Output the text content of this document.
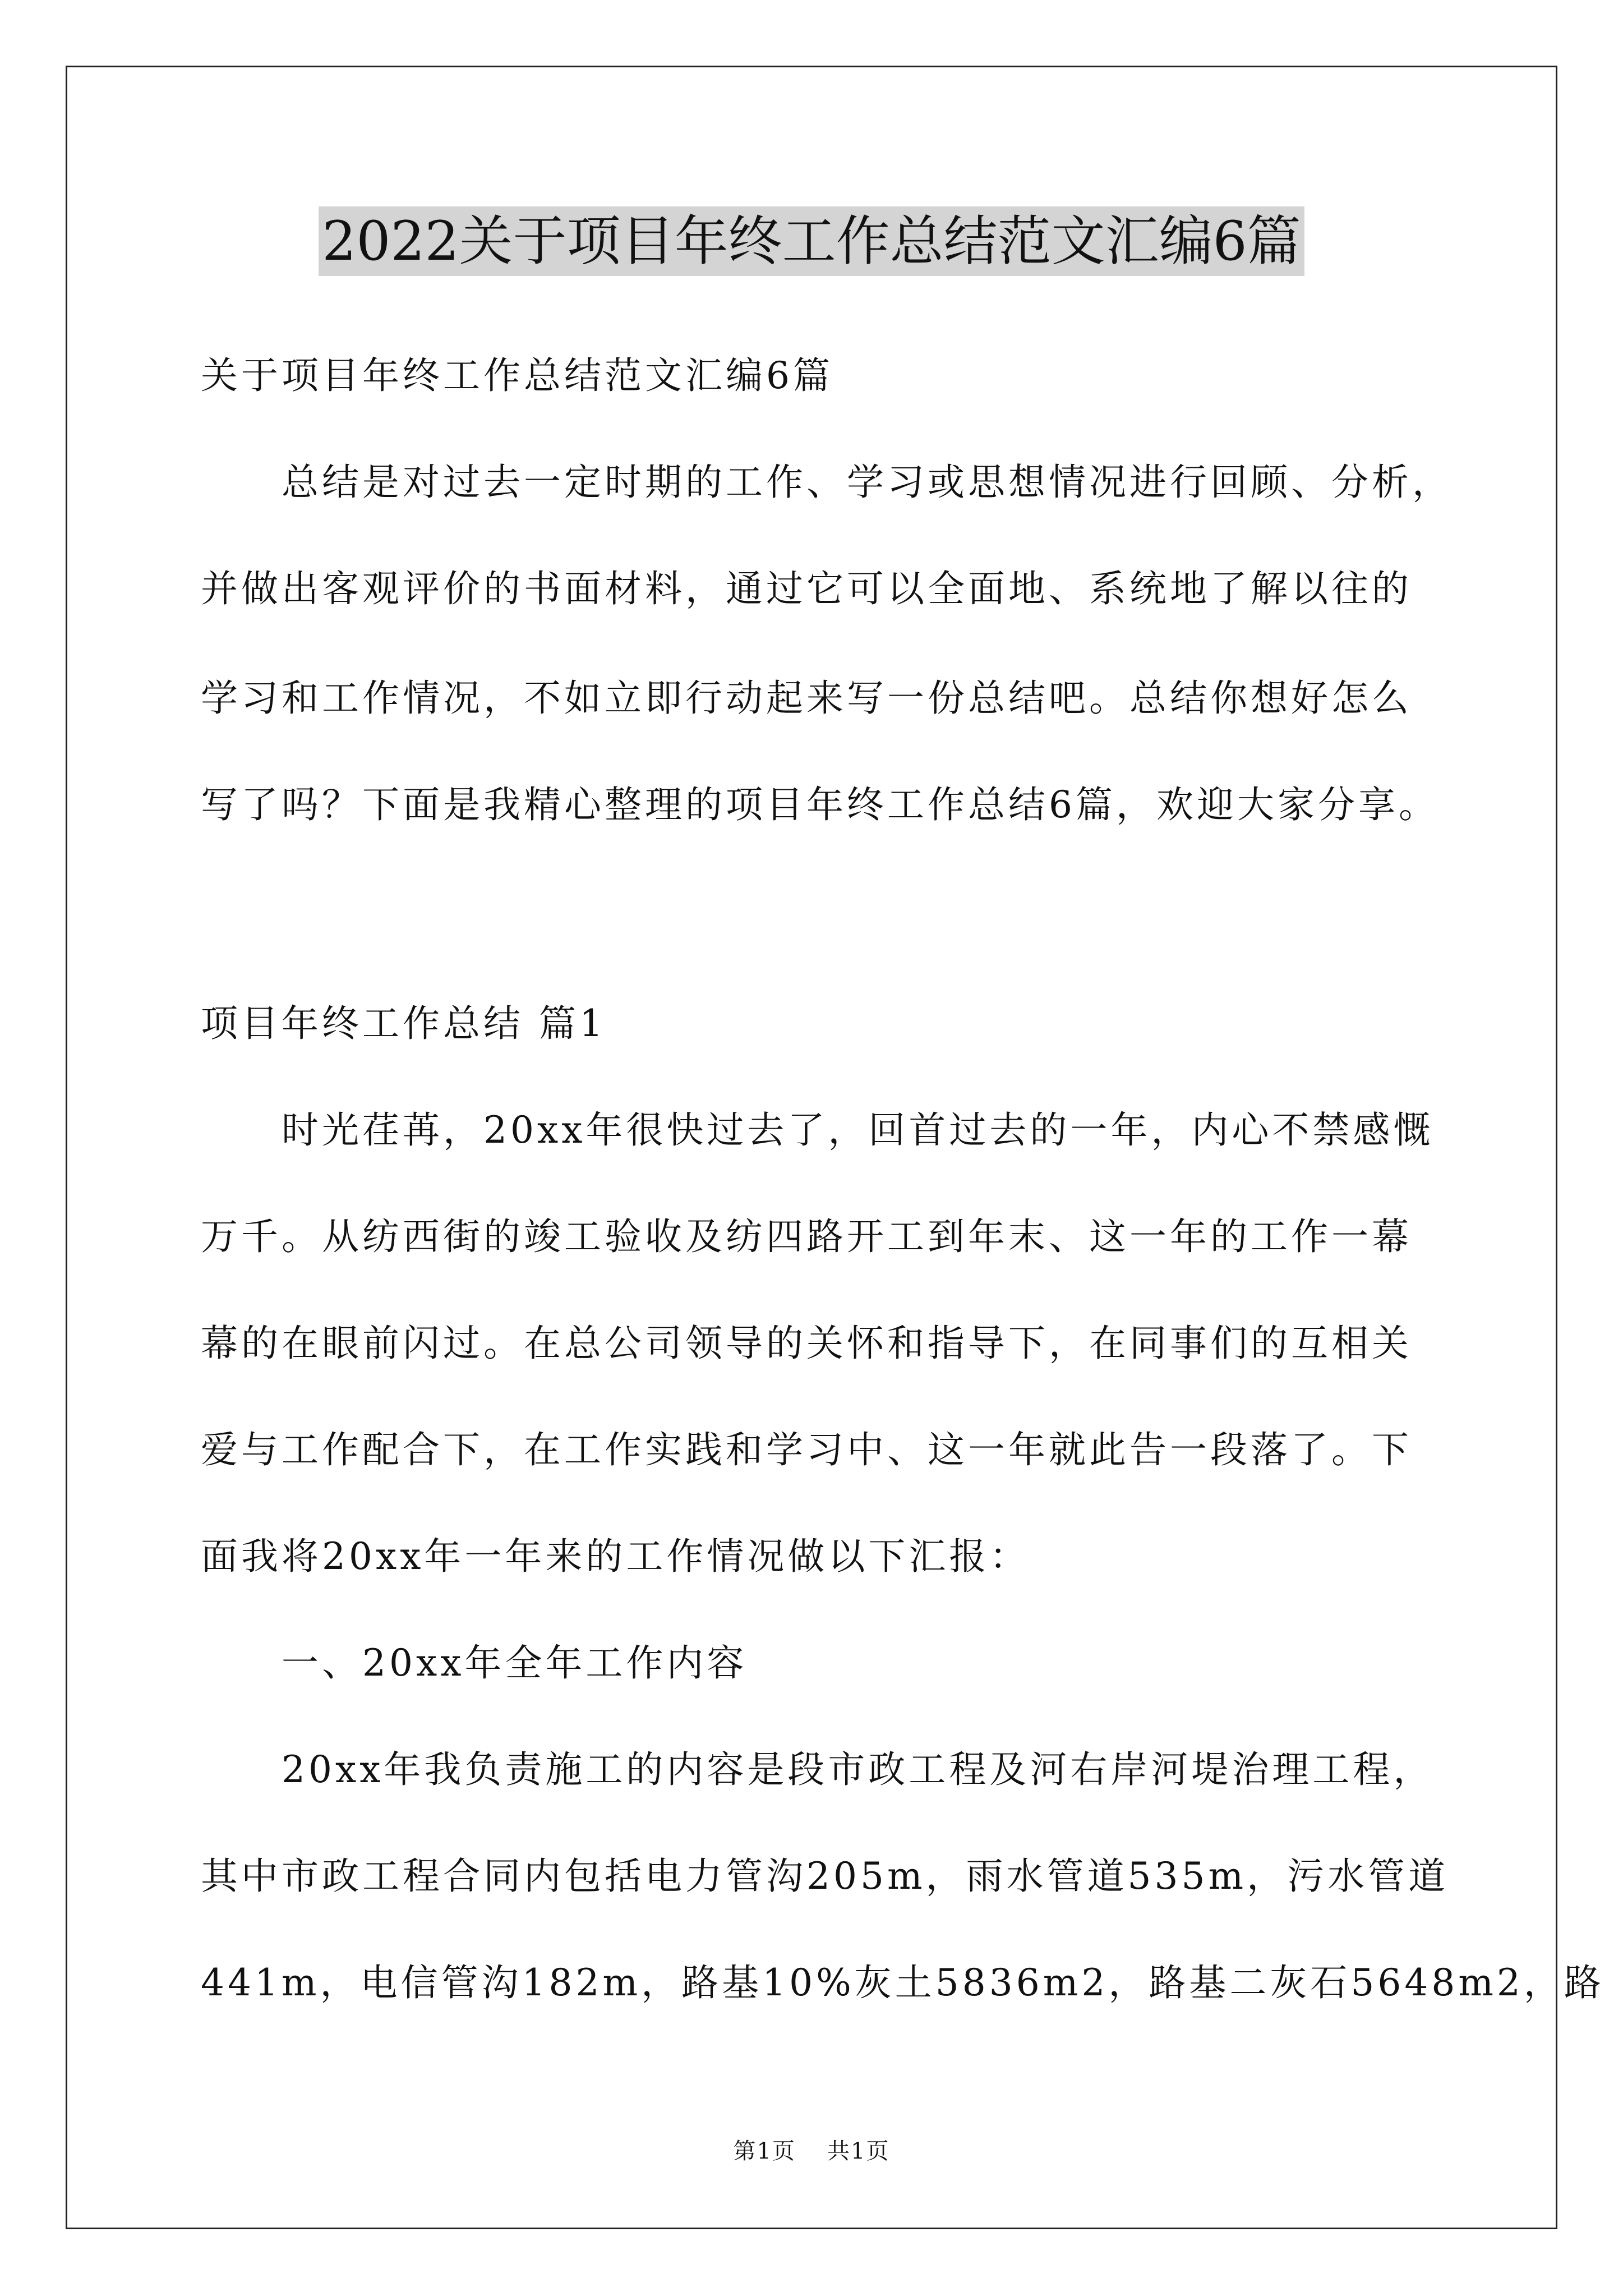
2022关于项目年终工作总结范文汇编6篇
关于项目年终工作总结范文汇编6篇
总结是对过去一定时期的工作、学习或思想情况进行回顾、分析，
并做出客观评价的书面材料，通过它可以全面地、系统地了解以往的
学习和工作情况，不如立即行动起来写一份总结吧。总结你想好怎么
写了吗？下面是我精心整理的项目年终工作总结6篇，欢迎大家分享。
项目年终工作总结 篇1
时光荏苒，20xx年很快过去了，回首过去的一年，内心不禁感慨
万千。从纺西街的竣工验收及纺四路开工到年末、这一年的工作一幕
幕的在眼前闪过。在总公司领导的关怀和指导下，在同事们的互相关
爱与工作配合下，在工作实践和学习中、这一年就此告一段落了。下
面我将20xx年一年来的工作情况做以下汇报：
一、20xx年全年工作内容
20xx年我负责施工的内容是段市政工程及河右岸河堤治理工程，
其中市政工程合同内包括电力管沟205m，雨水管道535m，污水管道
441m，电信管沟182m，路基10%灰土5836m2，路基二灰石5648m2，路
第1页 共1页
